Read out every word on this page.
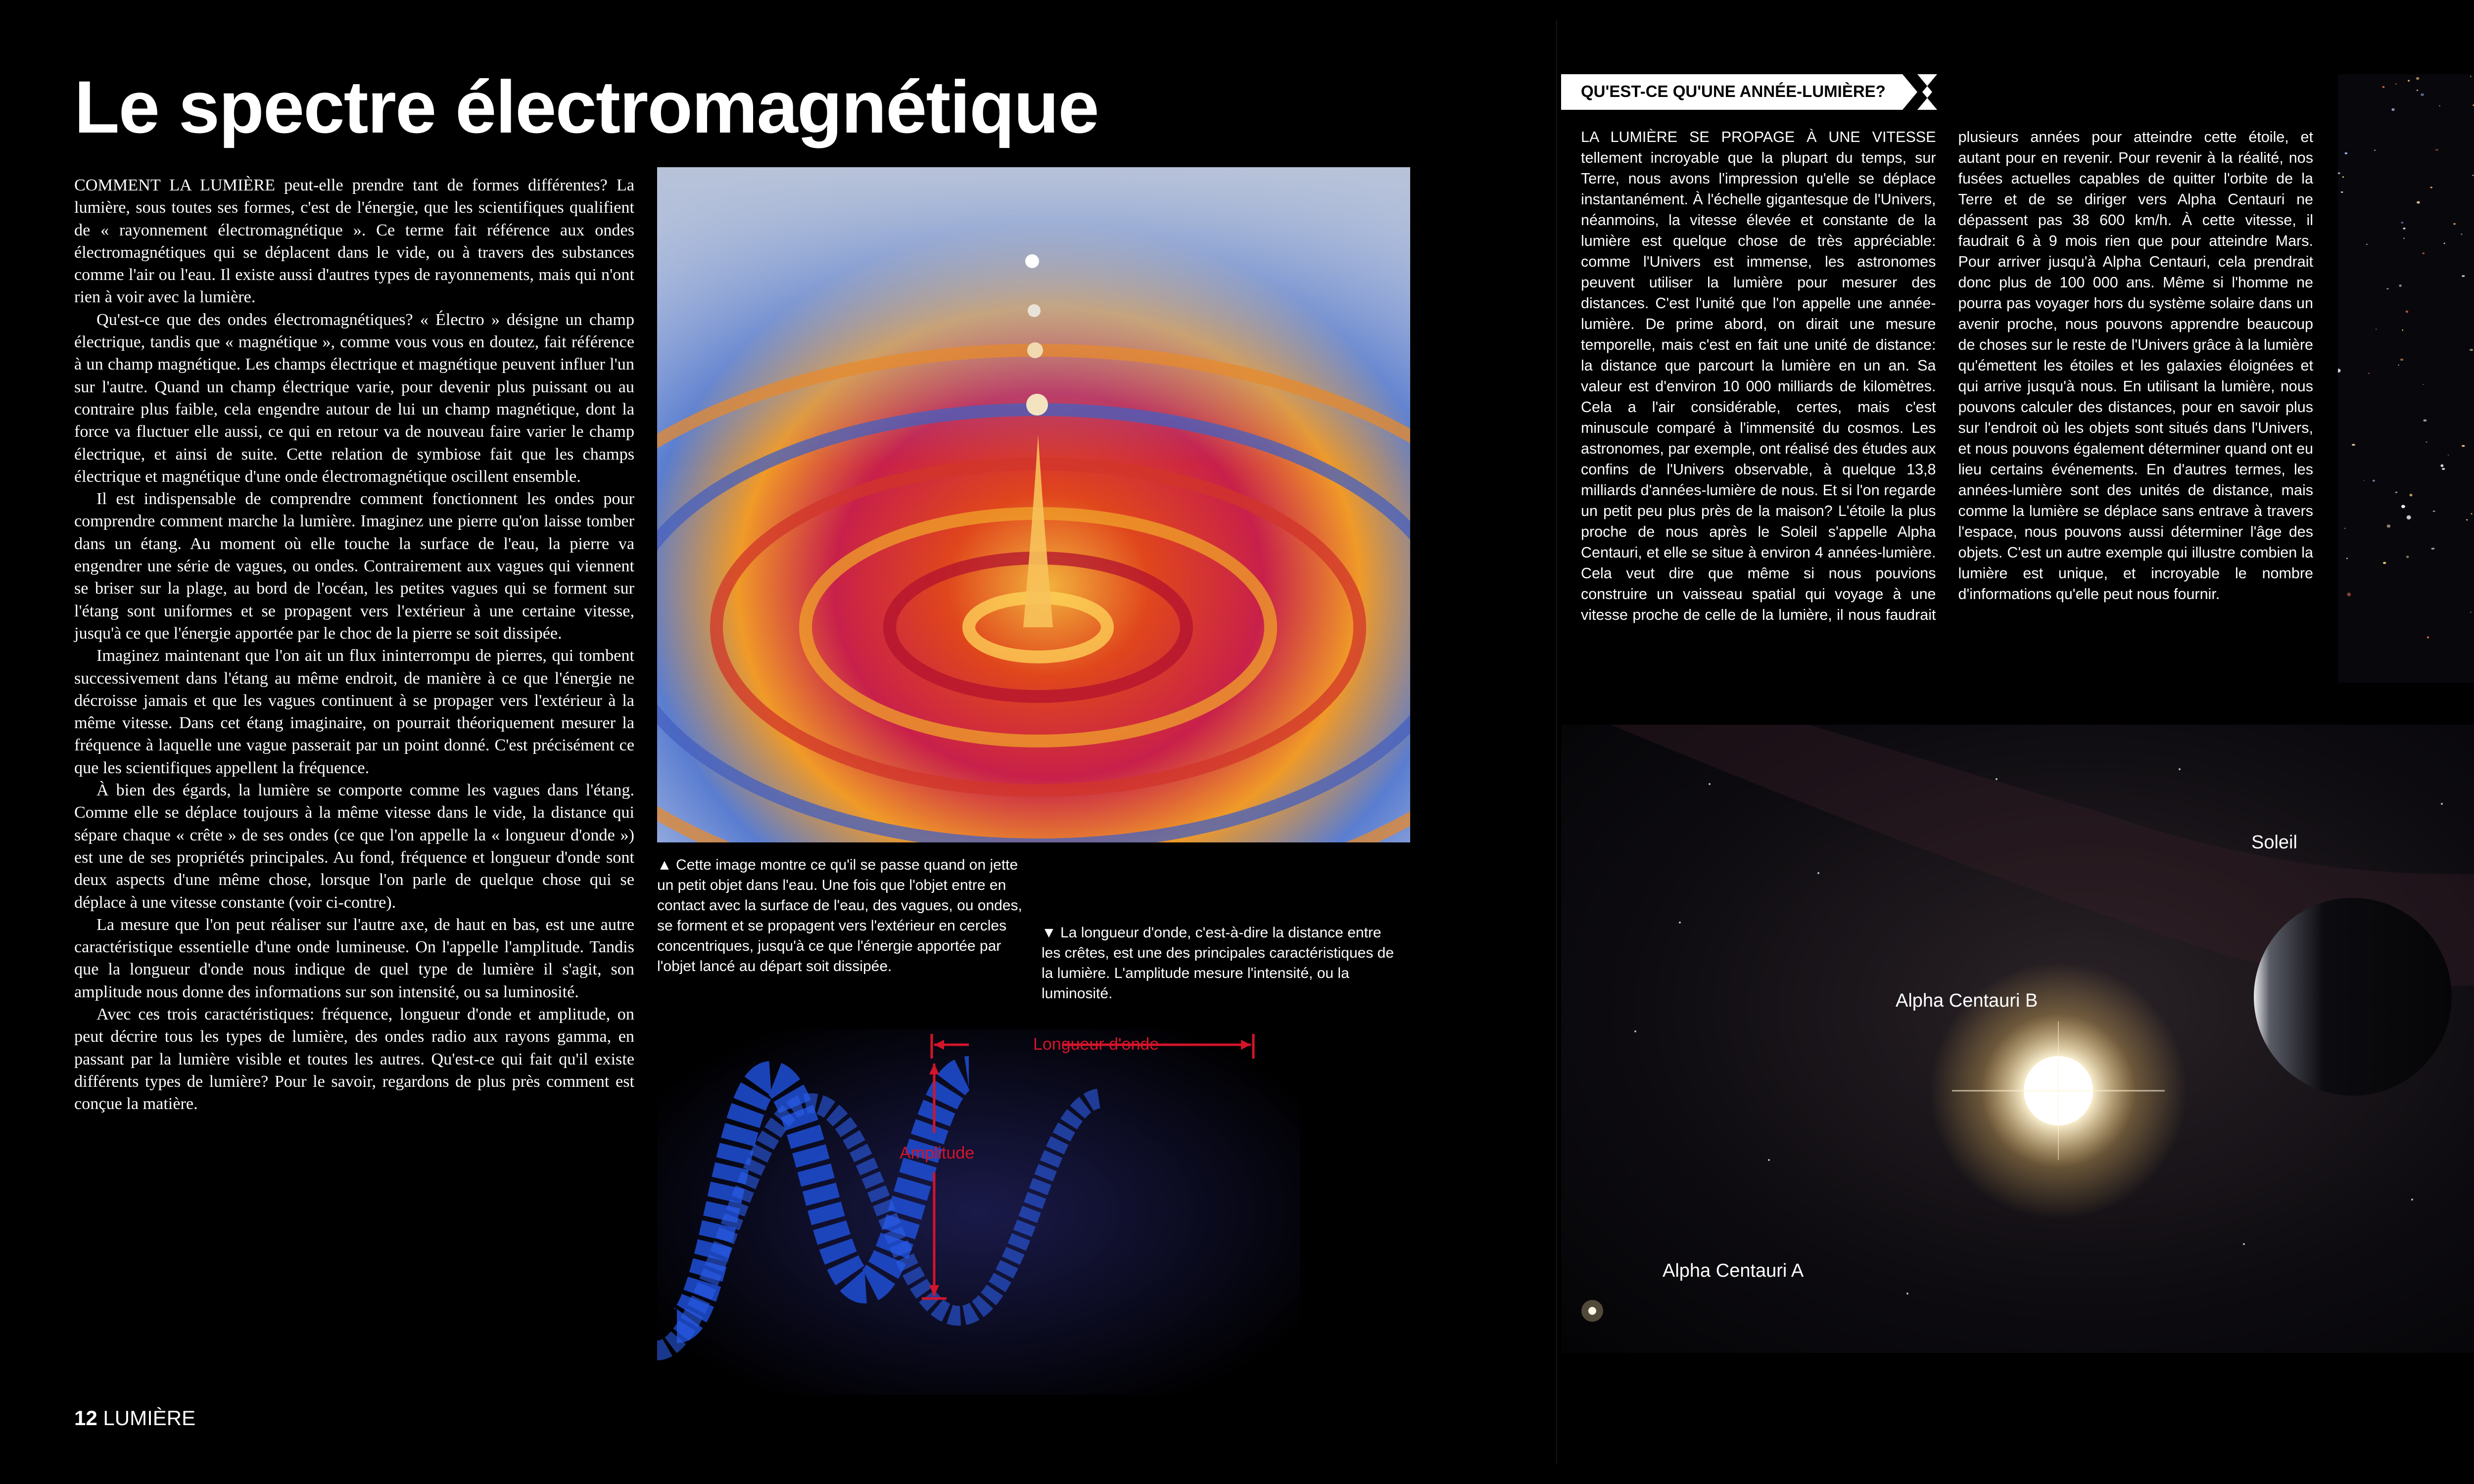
Le spectre électromagnétique

COMMENT LA LUMIÈRE peut-elle prendre tant de formes différentes? La lumière, sous toutes ses formes, c'est de l'énergie, que les scientifiques qualifient de « rayonnement électromagnétique ». Ce terme fait référence aux ondes électromagnétiques qui se déplacent dans le vide, ou à travers des substances comme l'air ou l'eau. Il existe aussi d'autres types de rayonnements, mais qui n'ont rien à voir avec la lumière.

Qu'est-ce que des ondes électromagnétiques? « Électro » désigne un champ électrique, tandis que « magnétique », comme vous vous en doutez, fait référence à un champ magnétique. Les champs électrique et magnétique peuvent influer l'un sur l'autre. Quand un champ électrique varie, pour devenir plus puissant ou au contraire plus faible, cela engendre autour de lui un champ magnétique, dont la force va fluctuer elle aussi, ce qui en retour va de nouveau faire varier le champ électrique, et ainsi de suite. Cette relation de symbiose fait que les champs électrique et magnétique d'une onde électromagnétique oscillent ensemble.

Il est indispensable de comprendre comment fonctionnent les ondes pour comprendre comment marche la lumière. Imaginez une pierre qu'on laisse tomber dans un étang. Au moment où elle touche la surface de l'eau, la pierre va engendrer une série de vagues, ou ondes. Contrairement aux vagues qui viennent se briser sur la plage, au bord de l'océan, les petites vagues qui se forment sur l'étang sont uniformes et se propagent vers l'extérieur à une certaine vitesse, jusqu'à ce que l'énergie apportée par le choc de la pierre se soit dissipée.

Imaginez maintenant que l'on ait un flux ininterrompu de pierres, qui tombent successivement dans l'étang au même endroit, de manière à ce que l'énergie ne décroisse jamais et que les vagues continuent à se propager vers l'extérieur à la même vitesse. Dans cet étang imaginaire, on pourrait théoriquement mesurer la fréquence à laquelle une vague passerait par un point donné. C'est précisément ce que les scientifiques appellent la fréquence.

À bien des égards, la lumière se comporte comme les vagues dans l'étang. Comme elle se déplace toujours à la même vitesse dans le vide, la distance qui sépare chaque « crête » de ses ondes (ce que l'on appelle la « longueur d'onde ») est une de ses propriétés principales. Au fond, fréquence et longueur d'onde sont deux aspects d'une même chose, lorsque l'on parle de quelque chose qui se déplace à une vitesse constante (voir ci-contre).

La mesure que l'on peut réaliser sur l'autre axe, de haut en bas, est une autre caractéristique essentielle d'une onde lumineuse. On l'appelle l'amplitude. Tandis que la longueur d'onde nous indique de quel type de lumière il s'agit, son amplitude nous donne des informations sur son intensité, ou sa luminosité.

Avec ces trois caractéristiques: fréquence, longueur d'onde et amplitude, on peut décrire tous les types de lumière, des ondes radio aux rayons gamma, en passant par la lumière visible et toutes les autres. Qu'est-ce qui fait qu'il existe différents types de lumière? Pour le savoir, regardons de plus près comment est conçue la matière.

▲ Cette image montre ce qu'il se passe quand on jette un petit objet dans l'eau. Une fois que l'objet entre en contact avec la surface de l'eau, des vagues, ou ondes, se forment et se propagent vers l'extérieur en cercles concentriques, jusqu'à ce que l'énergie apportée par l'objet lancé au départ soit dissipée.
▼ La longueur d'onde, c'est-à-dire la distance entre les crêtes, est une des principales caractéristiques de la lumière. L'amplitude mesure l'intensité, ou la luminosité.
Longueur d'onde
Amplitude
12 LUMIÈRE
QU'EST-CE QU'UNE ANNÉE-LUMIÈRE?

LA LUMIÈRE SE PROPAGE À UNE VITESSE tellement incroyable que la plupart du temps, sur Terre, nous avons l'impression qu'elle se déplace instantanément. À l'échelle gigantesque de l'Univers, néanmoins, la vitesse élevée et constante de la lumière est quelque chose de très appréciable: comme l'Univers est immense, les astronomes peuvent utiliser la lumière pour mesurer des distances. C'est l'unité que l'on appelle une année-lumière. De prime abord, on dirait une mesure temporelle, mais c'est en fait une unité de distance: la distance que parcourt la lumière en un an. Sa valeur est d'environ 10 000 milliards de kilomètres. Cela a l'air considérable, certes, mais c'est minuscule comparé à l'immensité du cosmos. Les astronomes, par exemple, ont réalisé des études aux confins de l'Univers observable, à quelque 13,8 milliards d'années-lumière de nous. Et si l'on regarde un petit peu plus près de la maison? L'étoile la plus proche de nous après le Soleil s'appelle Alpha Centauri, et elle se situe à environ 4 années-lumière. Cela veut dire que même si nous pouvions construire un vaisseau spatial qui voyage à une vitesse proche de celle de la lumière, il nous faudrait plusieurs années pour atteindre cette étoile, et autant pour en revenir. Pour revenir à la réalité, nos fusées actuelles capables de quitter l'orbite de la Terre et de se diriger vers Alpha Centauri ne dépassent pas 38 600 km/h. À cette vitesse, il faudrait 6 à 9 mois rien que pour atteindre Mars. Pour arriver jusqu'à Alpha Centauri, cela prendrait donc plus de 100 000 ans. Même si l'homme ne pourra pas voyager hors du système solaire dans un avenir proche, nous pouvons apprendre beaucoup de choses sur le reste de l'Univers grâce à la lumière qu'émettent les étoiles et les galaxies éloignées et qui arrive jusqu'à nous. En utilisant la lumière, nous pouvons calculer des distances, pour en savoir plus sur l'endroit où les objets sont situés dans l'Univers, et nous pouvons également déterminer quand ont eu lieu certains événements. En d'autres termes, les années-lumière sont des unités de distance, mais comme la lumière se déplace sans entrave à travers l'espace, nous pouvons aussi déterminer l'âge des objets. C'est un autre exemple qui illustre combien la lumière est unique, et incroyable le nombre d'informations qu'elle peut nous fournir.

Soleil
Alpha Centauri B
Alpha Centauri A
